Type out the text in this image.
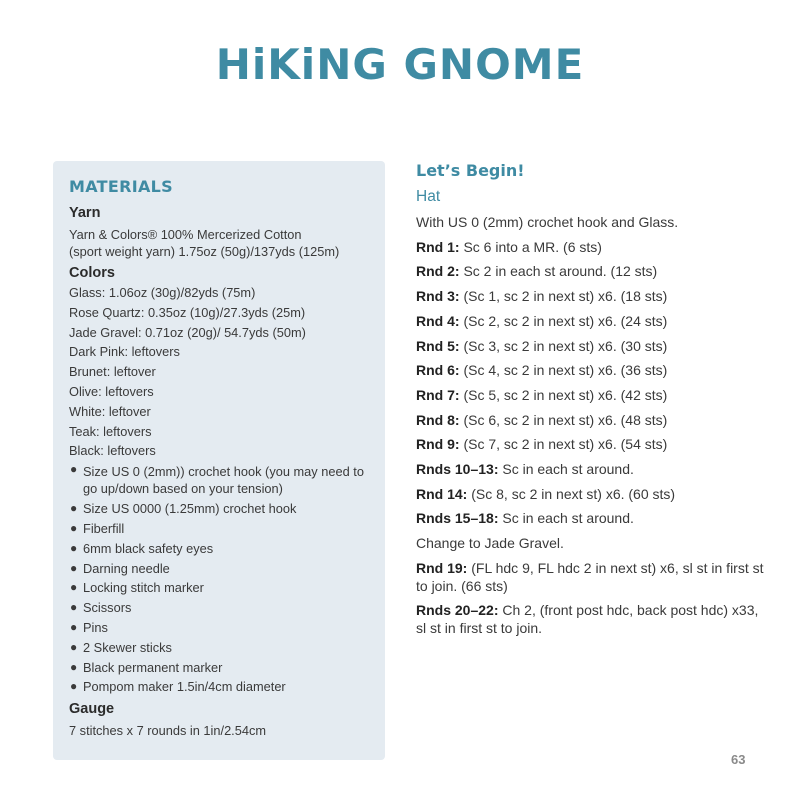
HiKiNG GNOME
MATERIALS
Yarn
Yarn & Colors® 100% Mercerized Cotton
(sport weight yarn) 1.75oz (50g)/137yds (125m)
Colors
Glass: 1.06oz (30g)/82yds (75m)
Rose Quartz: 0.35oz (10g)/27.3yds (25m)
Jade Gravel: 0.71oz (20g)/ 54.7yds (50m)
Dark Pink: leftovers
Brunet: leftover
Olive: leftovers
White: leftover
Teak: leftovers
Black: leftovers
● Size US 0 (2mm)) crochet hook (you may need to go up/down based on your tension)
● Size US 0000 (1.25mm) crochet hook
● Fiberfill
● 6mm black safety eyes
● Darning needle
● Locking stitch marker
● Scissors
● Pins
● 2 Skewer sticks
● Black permanent marker
● Pompom maker 1.5in/4cm diameter
Gauge
7 stitches x 7 rounds in 1in/2.54cm
Let’s Begin!
Hat
With US 0 (2mm) crochet hook and Glass.
Rnd 1: Sc 6 into a MR. (6 sts)
Rnd 2: Sc 2 in each st around. (12 sts)
Rnd 3: (Sc 1, sc 2 in next st) x6. (18 sts)
Rnd 4: (Sc 2, sc 2 in next st) x6. (24 sts)
Rnd 5: (Sc 3, sc 2 in next st) x6. (30 sts)
Rnd 6: (Sc 4, sc 2 in next st) x6. (36 sts)
Rnd 7: (Sc 5, sc 2 in next st) x6. (42 sts)
Rnd 8: (Sc 6, sc 2 in next st) x6. (48 sts)
Rnd 9: (Sc 7, sc 2 in next st) x6. (54 sts)
Rnds 10–13: Sc in each st around.
Rnd 14: (Sc 8, sc 2 in next st) x6. (60 sts)
Rnds 15–18: Sc in each st around.
Change to Jade Gravel.
Rnd 19: (FL hdc 9, FL hdc 2 in next st) x6, sl st in first st to join. (66 sts)
Rnds 20–22: Ch 2, (front post hdc, back post hdc) x33, sl st in first st to join.
63
